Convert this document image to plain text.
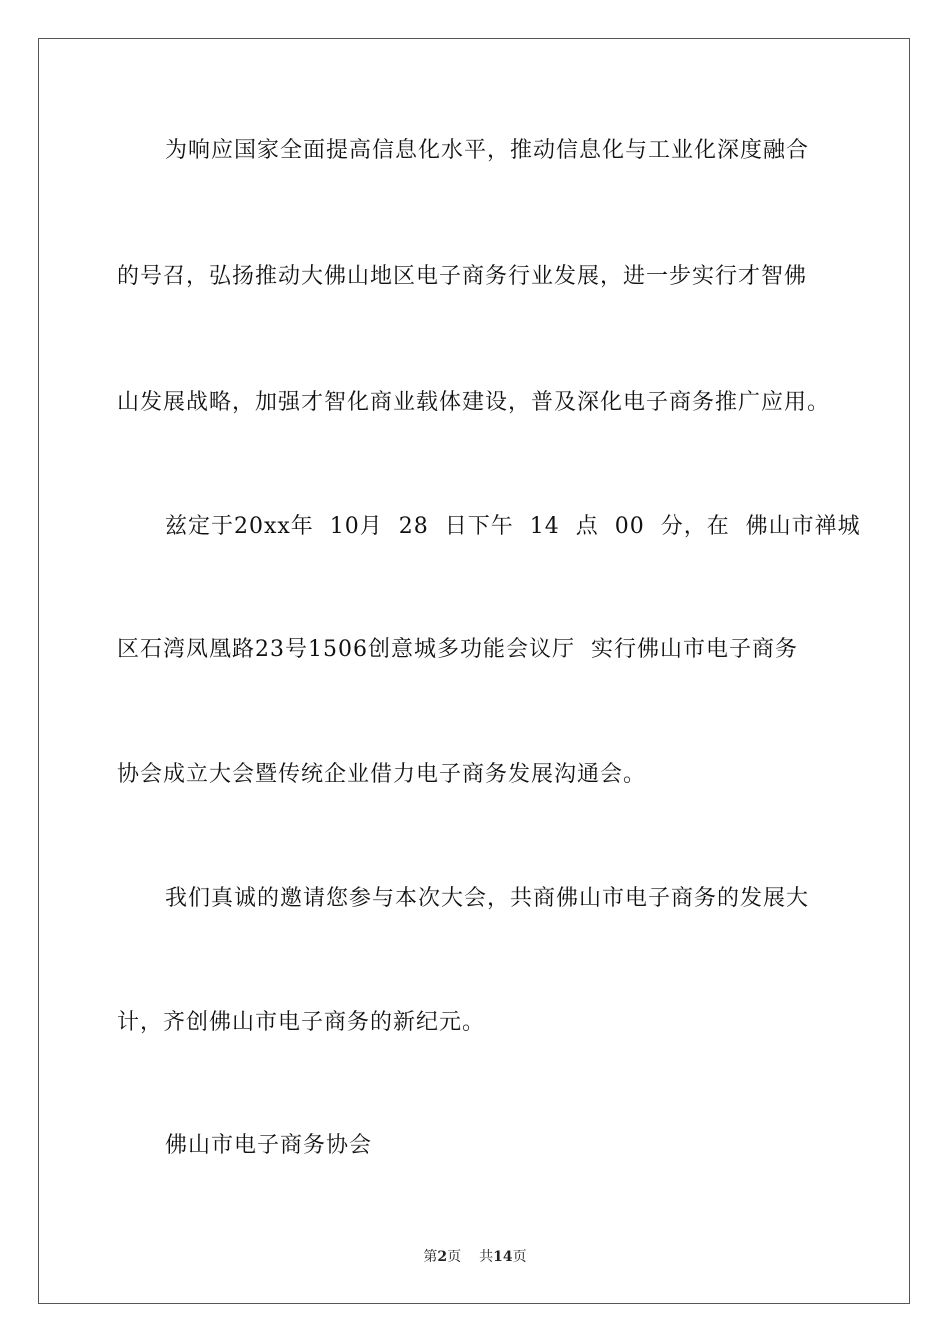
为响应国家全面提高信息化水平，推动信息化与工业化深度融合
的号召，弘扬推动大佛山地区电子商务行业发展，进一步实行才智佛
山发展战略，加强才智化商业载体建设，普及深化电子商务推广应用。
兹定于20xx年  10月  28  日下午  14  点  00  分，在  佛山市禅城
区石湾凤凰路23号1506创意城多功能会议厅  实行佛山市电子商务
协会成立大会暨传统企业借力电子商务发展沟通会。
我们真诚的邀请您参与本次大会，共商佛山市电子商务的发展大
计，齐创佛山市电子商务的新纪元。
佛山市电子商务协会
第2页 共14页
